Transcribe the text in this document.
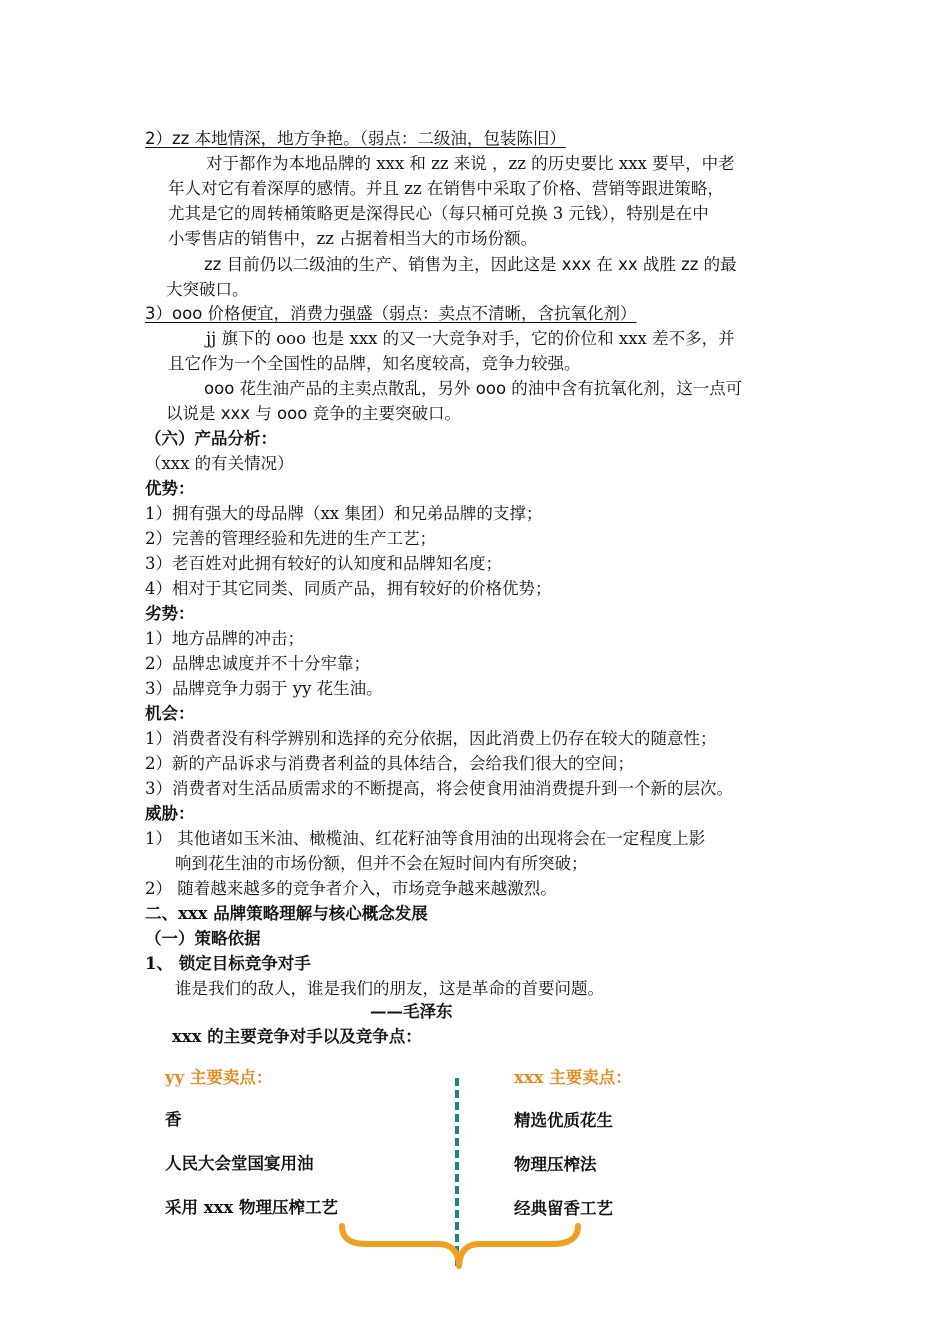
2）zz 本地情深，地方争艳。（弱点：二级油，包装陈旧）
对于都作为本地品牌的 xxx 和 zz 来说 ，zz 的历史要比 xxx 要早，中老
年人对它有着深厚的感情。并且 zz 在销售中采取了价格、营销等跟进策略，
尤其是它的周转桶策略更是深得民心（每只桶可兑换 3 元钱），特别是在中
小零售店的销售中，zz 占据着相当大的市场份额。
zz 目前仍以二级油的生产、销售为主，因此这是 xxx 在 xx 战胜 zz 的最
大突破口。
3）ooo 价格便宜，消费力强盛（弱点：卖点不清晰，含抗氧化剂）
jj 旗下的 ooo 也是 xxx 的又一大竞争对手，它的价位和 xxx 差不多，并
且它作为一个全国性的品牌，知名度较高，竞争力较强。
ooo 花生油产品的主卖点散乱，另外 ooo 的油中含有抗氧化剂，这一点可
以说是 xxx 与 ooo 竞争的主要突破口。
（六）产品分析：
（xxx 的有关情况）
优势：
1）拥有强大的母品牌（xx 集团）和兄弟品牌的支撑；
2）完善的管理经验和先进的生产工艺；
3）老百姓对此拥有较好的认知度和品牌知名度；
4）相对于其它同类、同质产品，拥有较好的价格优势；
劣势：
1）地方品牌的冲击；
2）品牌忠诚度并不十分牢靠；
3）品牌竞争力弱于 yy 花生油。
机会：
1）消费者没有科学辨别和选择的充分依据，因此消费上仍存在较大的随意性；
2）新的产品诉求与消费者利益的具体结合，会给我们很大的空间；
3）消费者对生活品质需求的不断提高，将会使食用油消费提升到一个新的层次。
威胁：
1） 其他诸如玉米油、橄榄油、红花籽油等食用油的出现将会在一定程度上影
响到花生油的市场份额，但并不会在短时间内有所突破；
2） 随着越来越多的竞争者介入，市场竞争越来越激烈。
二、xxx 品牌策略理解与核心概念发展
（一）策略依据
1、 锁定目标竞争对手
谁是我们的敌人，谁是我们的朋友，这是革命的首要问题。
——毛泽东
xxx 的主要竞争对手以及竞争点：
yy 主要卖点：
香
人民大会堂国宴用油
采用 xxx 物理压榨工艺
xxx 主要卖点：
精选优质花生
物理压榨法
经典留香工艺
